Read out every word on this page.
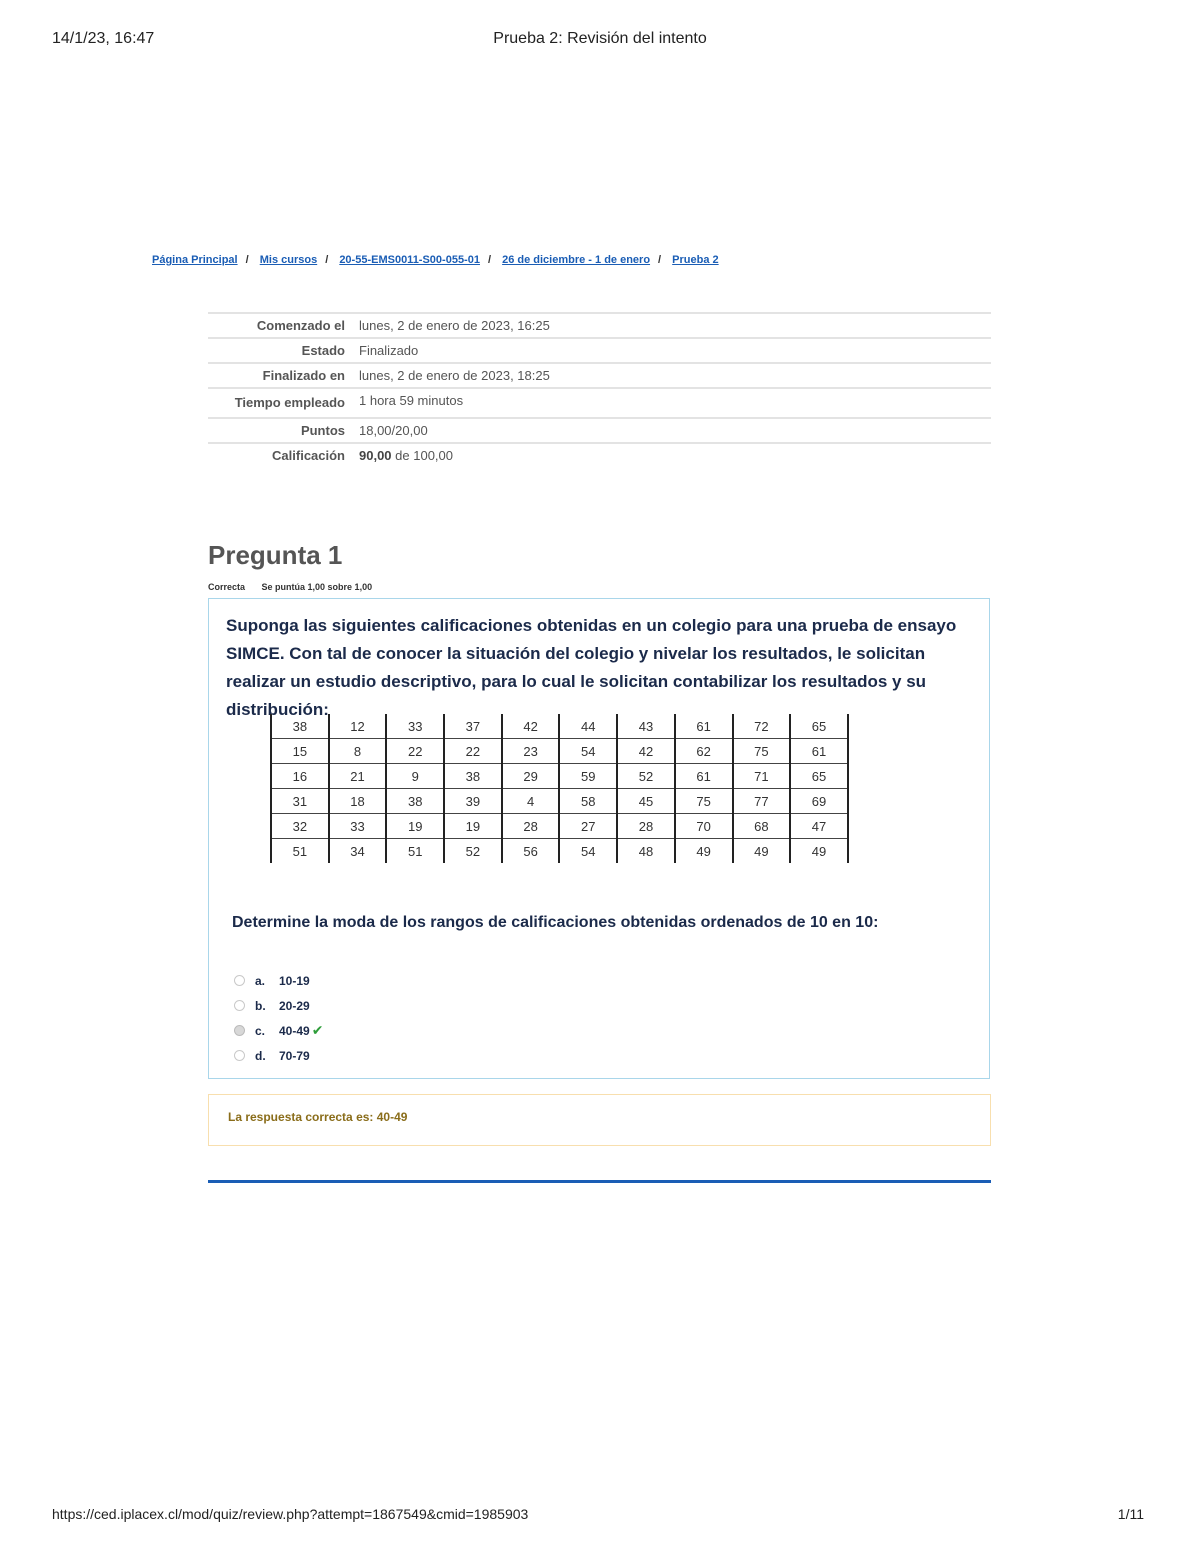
14/1/23, 16:47	Prueba 2: Revisión del intento
Página Principal / Mis cursos / 20-55-EMS0011-S00-055-01 / 26 de diciembre - 1 de enero / Prueba 2
Comenzado el	lunes, 2 de enero de 2023, 16:25
Estado	Finalizado
Finalizado en	lunes, 2 de enero de 2023, 18:25
Tiempo empleado	1 hora 59 minutos
Puntos	18,00/20,00
Calificación	90,00 de 100,00
Pregunta 1
Correcta Se puntúa 1,00 sobre 1,00
Suponga las siguientes calificaciones obtenidas en un colegio para una prueba de ensayo SIMCE. Con tal de conocer la situación del colegio y nivelar los resultados, le solicitan realizar un estudio descriptivo, para lo cual le solicitan contabilizar los resultados y su distribución:
38	12	33	37	42	44	43	61	72	65
15	8	22	22	23	54	42	62	75	61
16	21	9	38	29	59	52	61	71	65
31	18	38	39	4	58	45	75	77	69
32	33	19	19	28	27	28	70	68	47
51	34	51	52	56	54	48	49	49	49
Determine la moda de los rangos de calificaciones obtenidas ordenados de 10 en 10:
a.	10-19
b.	20-29
c.	40-49 ✔
d.	70-79
La respuesta correcta es: 40-49
https://ced.iplacex.cl/mod/quiz/review.php?attempt=1867549&cmid=1985903	1/11
